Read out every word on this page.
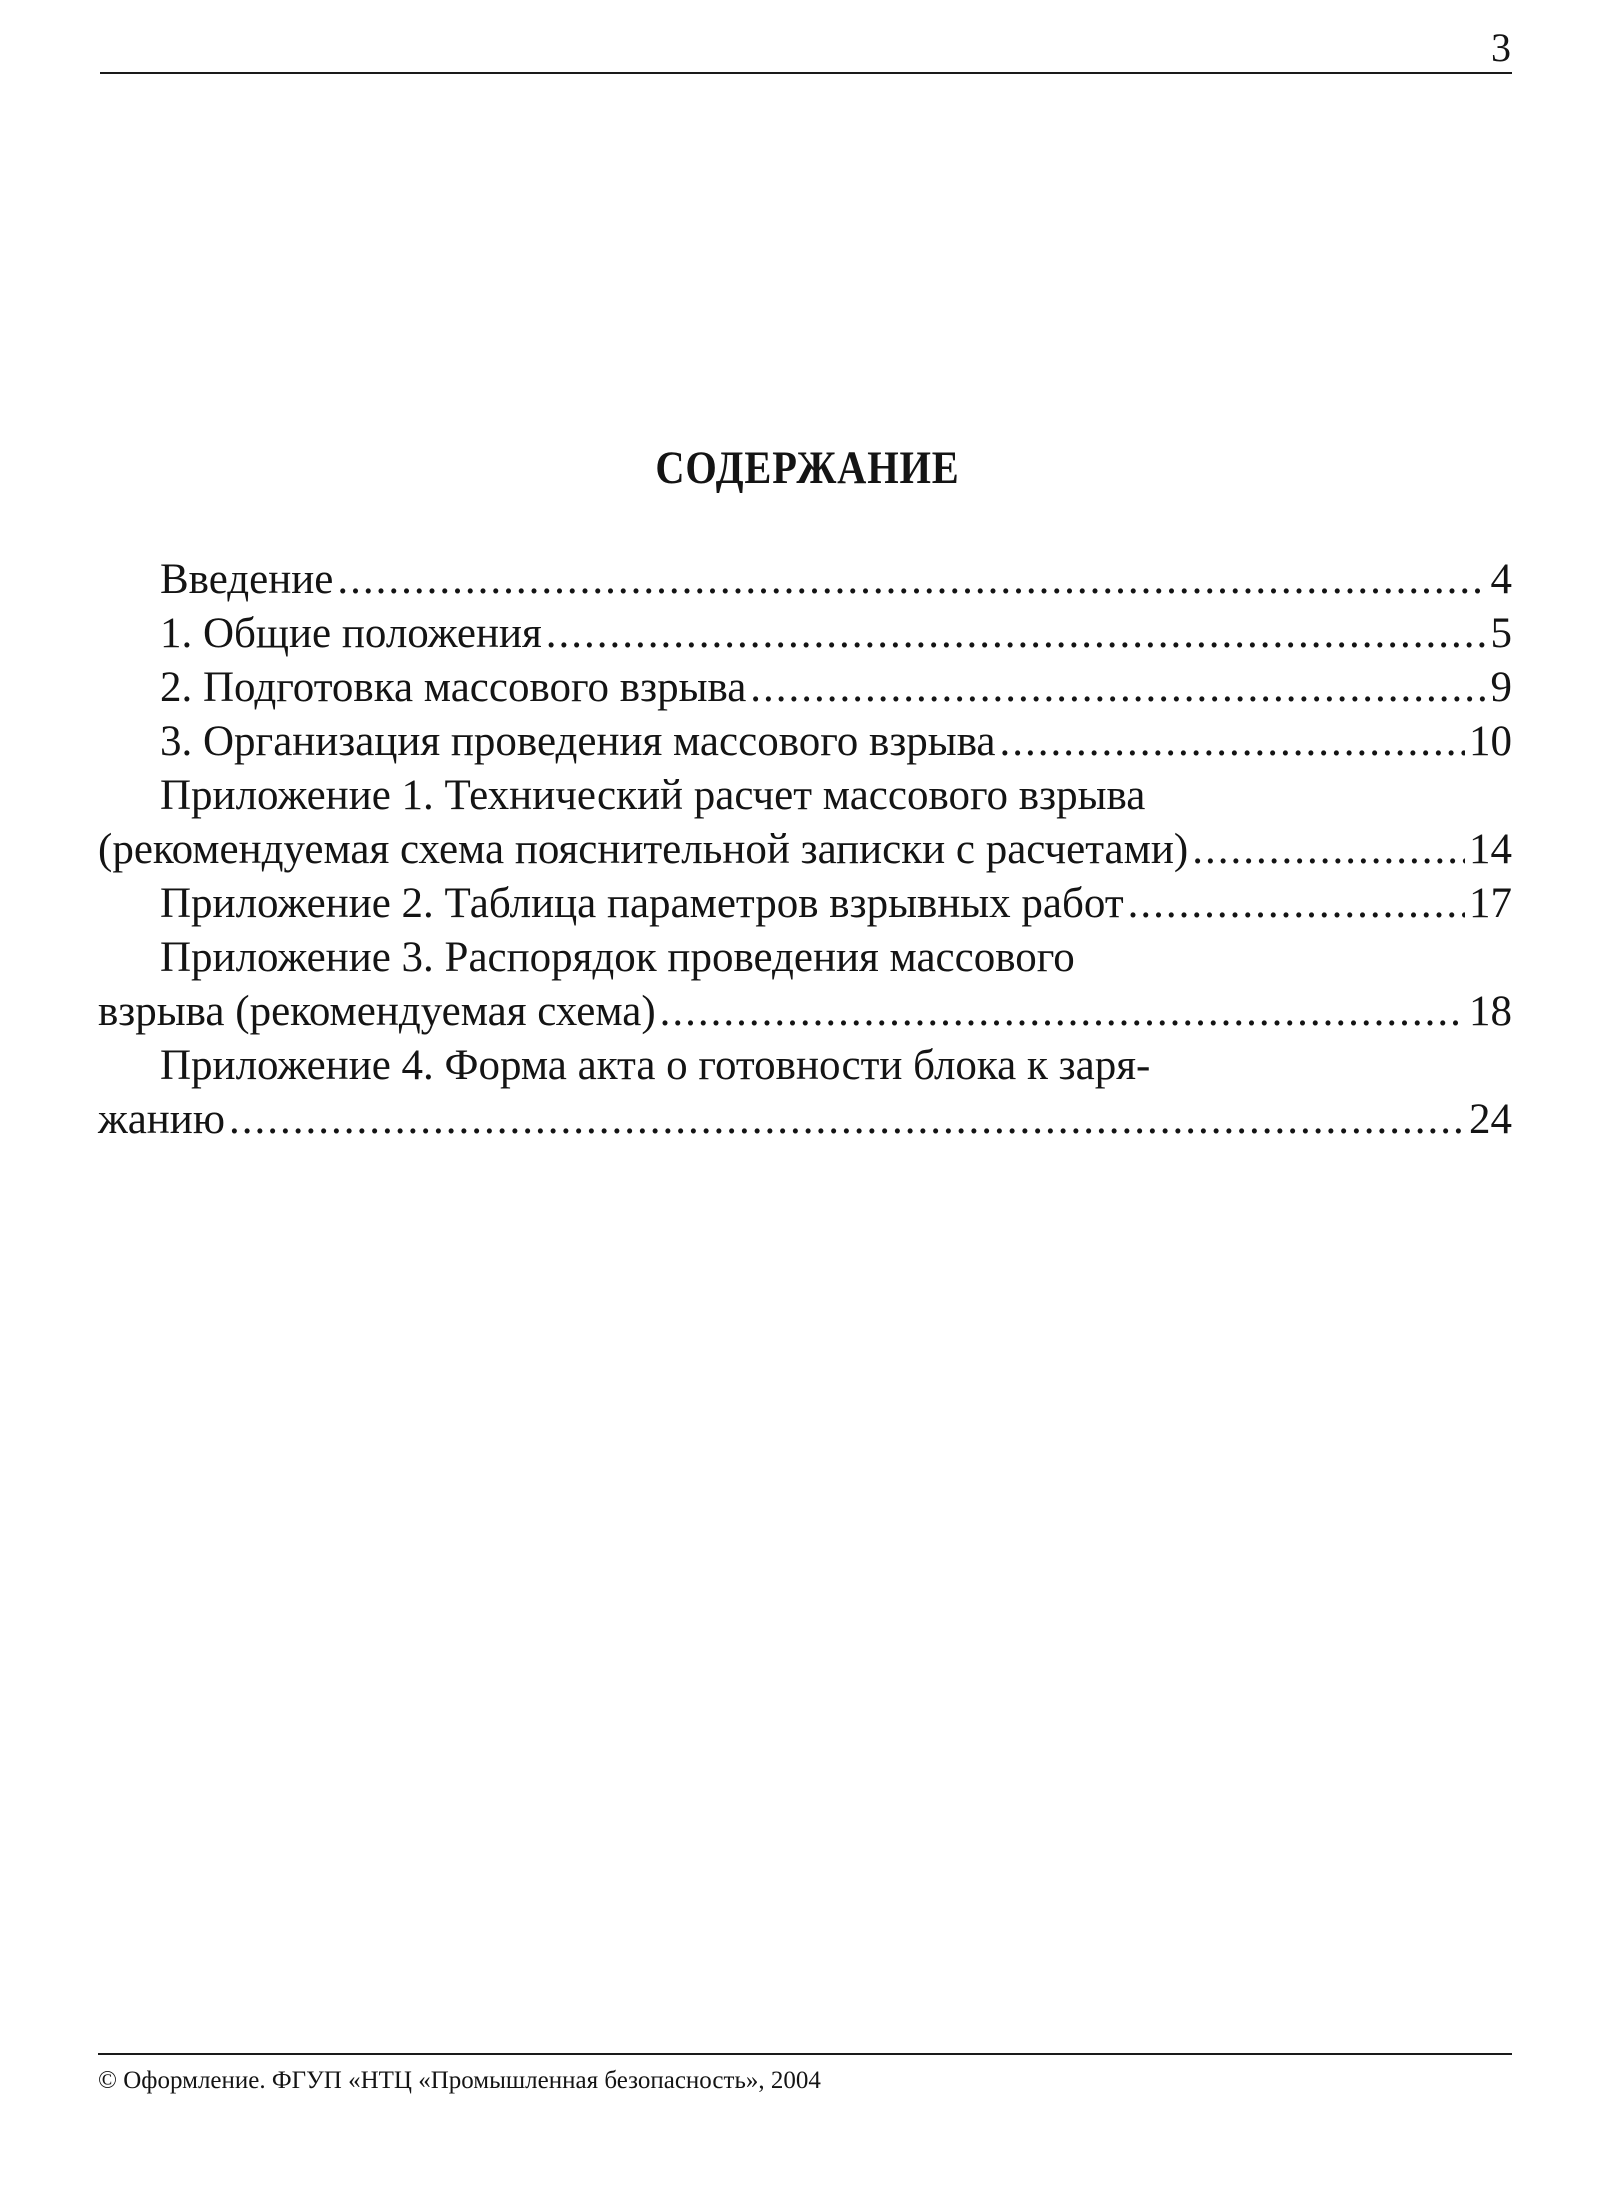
3
СОДЕРЖАНИЕ
Введение .....	4
1. Общие положения .....	5
2. Подготовка массового взрыва .....	9
3. Организация проведения массового взрыва .....	10
Приложение 1. Технический расчет массового взрыва
(рекомендуемая схема пояснительной записки с расчетами) .....	14
Приложение 2. Таблица параметров взрывных работ .....	17
Приложение 3. Распорядок проведения массового
взрыва (рекомендуемая схема) .....	18
Приложение 4. Форма акта о готовности блока к заря-
жанию .....	24
© Оформление. ФГУП «НТЦ «Промышленная безопасность», 2004
